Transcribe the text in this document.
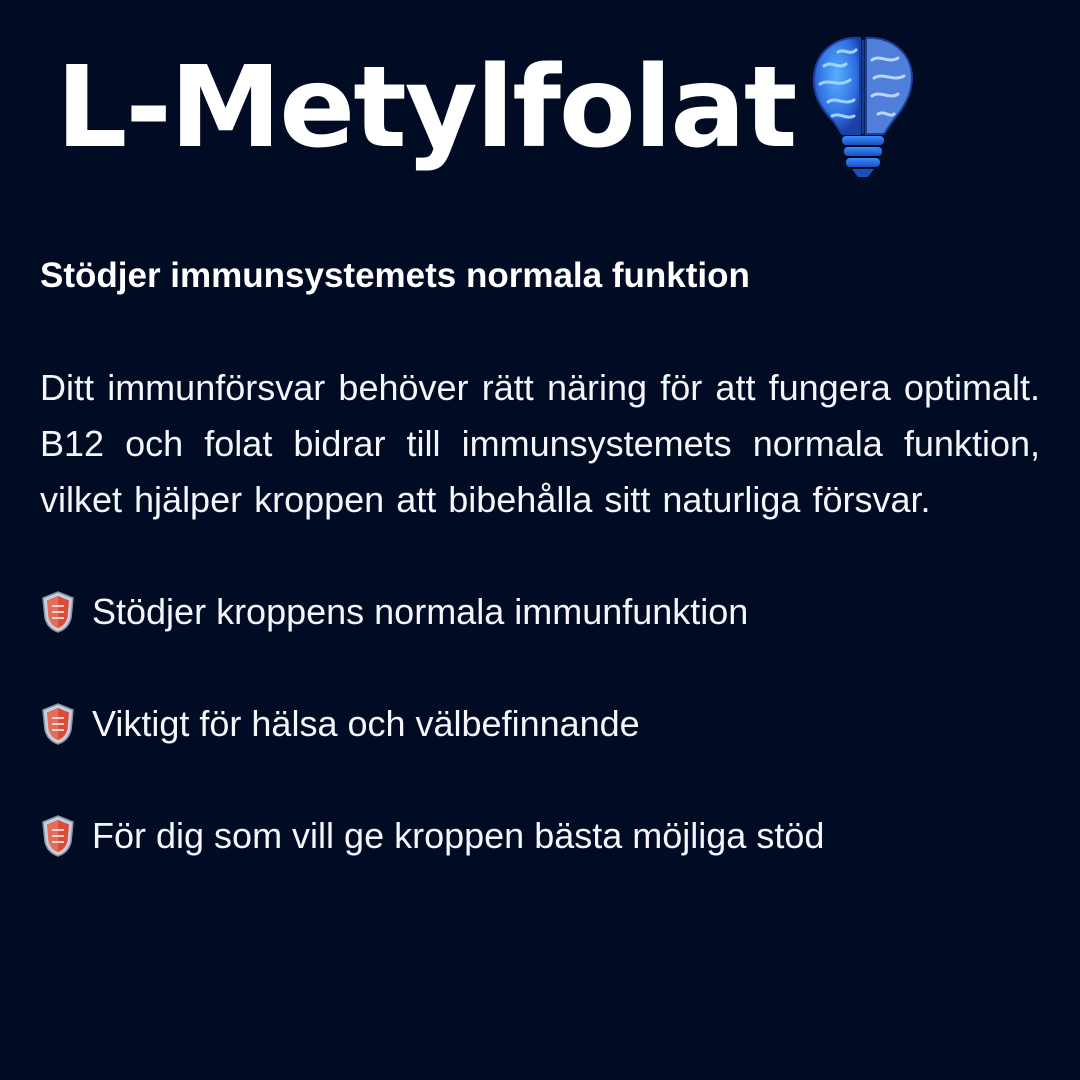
L-Metylfolat
Stödjer immunsystemets normala funktion

Ditt immunförsvar behöver rätt näring för att fungera optimalt. B12 och folat bidrar till immunsystemets normala funktion, vilket hjälper kroppen att bibehålla sitt naturliga försvar.

Stödjer kroppens normala immunfunktion
Viktigt för hälsa och välbefinnande
För dig som vill ge kroppen bästa möjliga stöd
